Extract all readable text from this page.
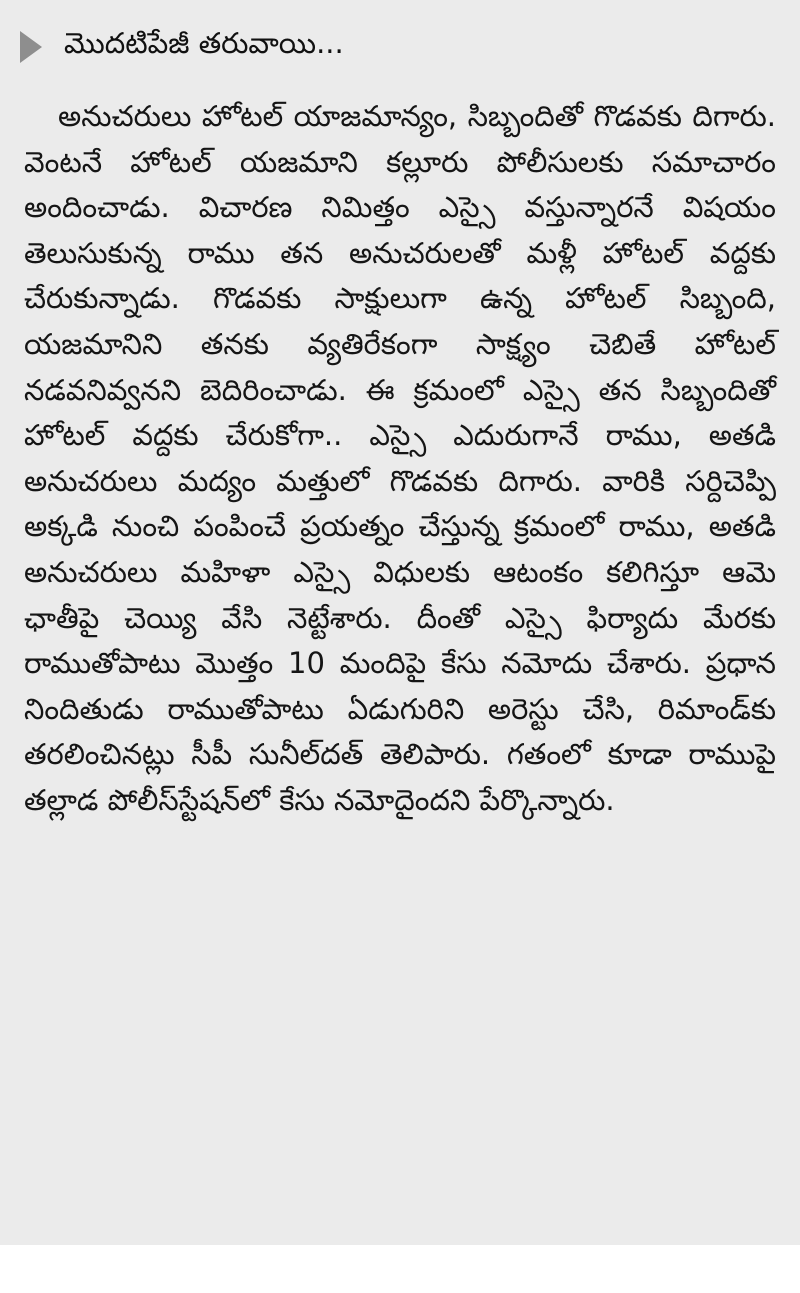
మొదటిపేజీ తరువాయి...

అనుచరులు హోటల్ యాజమాన్యం, సిబ్బందితో గొడవకు దిగారు. వెంటనే హోటల్ యజమాని కల్లూరు పోలీసులకు సమాచారం అందించాడు. విచారణ నిమిత్తం ఎస్సై వస్తున్నారనే విషయం తెలుసుకున్న రాము తన అనుచరులతో మళ్లీ హోటల్ వద్దకు చేరుకున్నాడు. గొడవకు సాక్షులుగా ఉన్న హోటల్ సిబ్బంది, యజమానిని తనకు వ్యతిరేకంగా సాక్ష్యం చెబితే హోటల్ నడవనివ్వనని బెదిరించాడు. ఈ క్రమంలో ఎస్సై తన సిబ్బందితో హోటల్ వద్దకు చేరుకోగా.. ఎస్సై ఎదురుగానే రాము, అతడి అనుచరులు మద్యం మత్తులో గొడవకు దిగారు. వారికి సర్దిచెప్పి అక్కడి నుంచి పంపించే ప్రయత్నం చేస్తున్న క్రమంలో రాము, అతడి అనుచరులు మహిళా ఎస్సై విధులకు ఆటంకం కలిగిస్తూ ఆమె ఛాతీపై చెయ్యి వేసి నెట్టేశారు. దీంతో ఎస్సై ఫిర్యాదు మేరకు రాముతోపాటు మొత్తం 10 మందిపై కేసు నమోదు చేశారు. ప్రధాన నిందితుడు రాముతోపాటు ఏడుగురిని అరెస్టు చేసి, రిమాండ్‌కు తరలించినట్లు సీపీ సునీల్‌దత్ తెలిపారు. గతంలో కూడా రాముపై తల్లాడ పోలీస్‌స్టేషన్‌లో కేసు నమోదైందని పేర్కొన్నారు.
